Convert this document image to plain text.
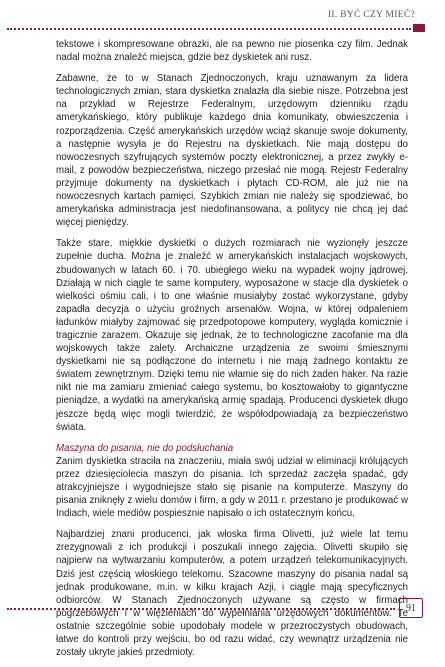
II. BYĆ CZY MIEĆ?

tekstowe i skompresowane obrazki, ale na pewno nie piosenka czy film. Jednak nadal można znaleźć miejsca, gdzie bez dyskietek ani rusz.

Zabawne, że to w Stanach Zjednoczonych, kraju uznawanym za lidera technologicznych zmian, stara dyskietka znalazła dla siebie nisze. Potrzebna jest na przykład w Rejestrze Federalnym, urzędowym dzienniku rządu amerykańskiego, który publikuje każdego dnia komunikaty, obwieszczenia i rozporządzenia. Część amerykańskich urzędów wciąż skanuje swoje dokumenty, a następnie wysyła je do Rejestru na dyskietkach. Nie mają dostępu do nowoczesnych szyfrujących systemów poczty elektronicznej, a przez zwykły e-mail, z powodów bezpieczeństwa, niczego przesłać nie mogą. Rejestr Federalny przyjmuje dokumenty na dyskietkach i płytach CD-ROM, ale już nie na nowoczesnych kartach pamięci. Szybkich zmian nie należy się spodziewać, bo amerykańska administracja jest niedofinansowana, a politycy nie chcą jej dać więcej pieniędzy.

Także stare, miękkie dyskietki o dużych rozmiarach nie wyzionęły jeszcze zupełnie ducha. Można je znaleźć w amerykańskich instalacjach wojskowych, zbudowanych w latach 60. i 70. ubiegłego wieku na wypadek wojny jądrowej. Działają w nich ciągle te same komputery, wyposażone w stacje dla dyskietek o wielkości ośmiu cali, i to one właśnie musiałyby zostać wykorzystane, gdyby zapadła decyzja o użyciu groźnych arsenałów. Wojna, w której odpaleniem ładunków miałyby zajmować się przedpotopowe komputery, wygląda komicznie i tragicznie zarazem. Okazuje się jednak, że to technologiczne zacofanie ma dla wojskowych także zalety. Archaiczne urządzenia ze swoimi śmiesznymi dyskietkami nie są podłączone do internetu i nie mają żadnego kontaktu ze światem zewnętrznym. Dzięki temu nie włamie się do nich żaden haker. Na razie nikt nie ma zamiaru zmieniać całego systemu, bo kosztowałoby to gigantyczne pieniądze, a wydatki na amerykańską armię spadają. Producenci dyskietek długo jeszcze będą więc mogli twierdzić, że współodpowiadają za bezpieczeństwo świata.

Maszyna do pisania, nie do podsłuchania

Zanim dyskietka straciła na znaczeniu, miała swój udział w eliminacji królujących przez dziesięciolecia maszyn do pisania. Ich sprzedaż zaczęła spadać, gdy atrakcyjniejsze i wygodniejsze stało się pisanie na komputerze. Maszyny do pisania zniknęły z wielu domów i firm, a gdy w 2011 r. przestano je produkować w Indiach, wiele mediów pospiesznie napisało o ich ostatecznym końcu.

Najbardziej znani producenci, jak włoska firma Olivetti, już wiele lat temu zrezygnowali z ich produkcji i poszukali innego zajęcia. Olivetti skupiło się najpierw na wytwarzaniu komputerów, a potem urządzeń telekomunikacyjnych. Dziś jest częścią włoskiego telekomu. Szacowne maszyny do pisania nadal są jednak produkowane, m.in. w kilku krajach Azji, i ciągle mają specyficznych odbiorców. W Stanach Zjednoczonych używane są często w firmach pogrzebowych i w więzieniach do wypełniania urzędowych dokumentów. Te ostatnie szczególnie sobie upodobały modele w przezroczystych obudowach, łatwe do kontroli przy wejściu, bo od razu widać, czy wewnątrz urządzenia nie zostały ukryte jakieś przedmioty.

91
